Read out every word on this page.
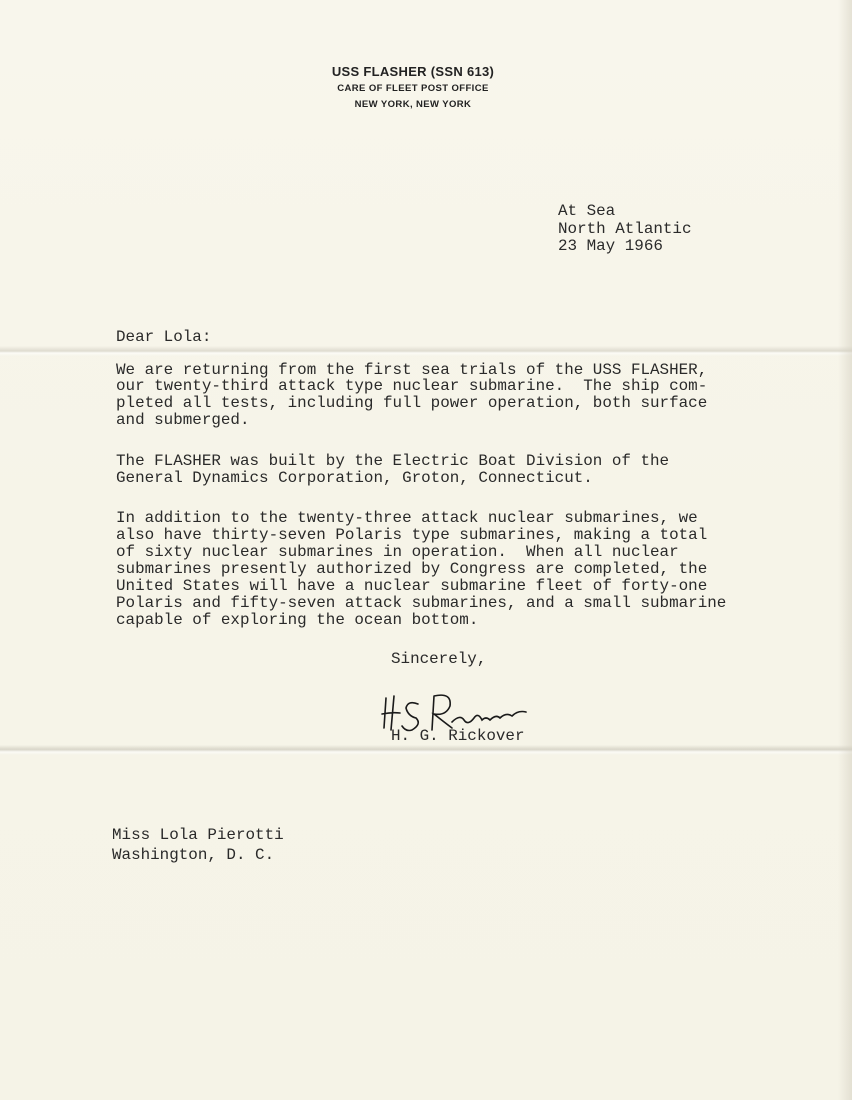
USS FLASHER (SSN 613)
CARE OF FLEET POST OFFICE
NEW YORK, NEW YORK
At Sea
North Atlantic
23 May 1966
Dear Lola:
We are returning from the first sea trials of the USS FLASHER,
our twenty-third attack type nuclear submarine.  The ship com-
pleted all tests, including full power operation, both surface
and submerged.
The FLASHER was built by the Electric Boat Division of the
General Dynamics Corporation, Groton, Connecticut.
In addition to the twenty-three attack nuclear submarines, we
also have thirty-seven Polaris type submarines, making a total
of sixty nuclear submarines in operation.  When all nuclear
submarines presently authorized by Congress are completed, the
United States will have a nuclear submarine fleet of forty-one
Polaris and fifty-seven attack submarines, and a small submarine
capable of exploring the ocean bottom.
Sincerely,
H. G. Rickover
Miss Lola Pierotti
Washington, D. C.
